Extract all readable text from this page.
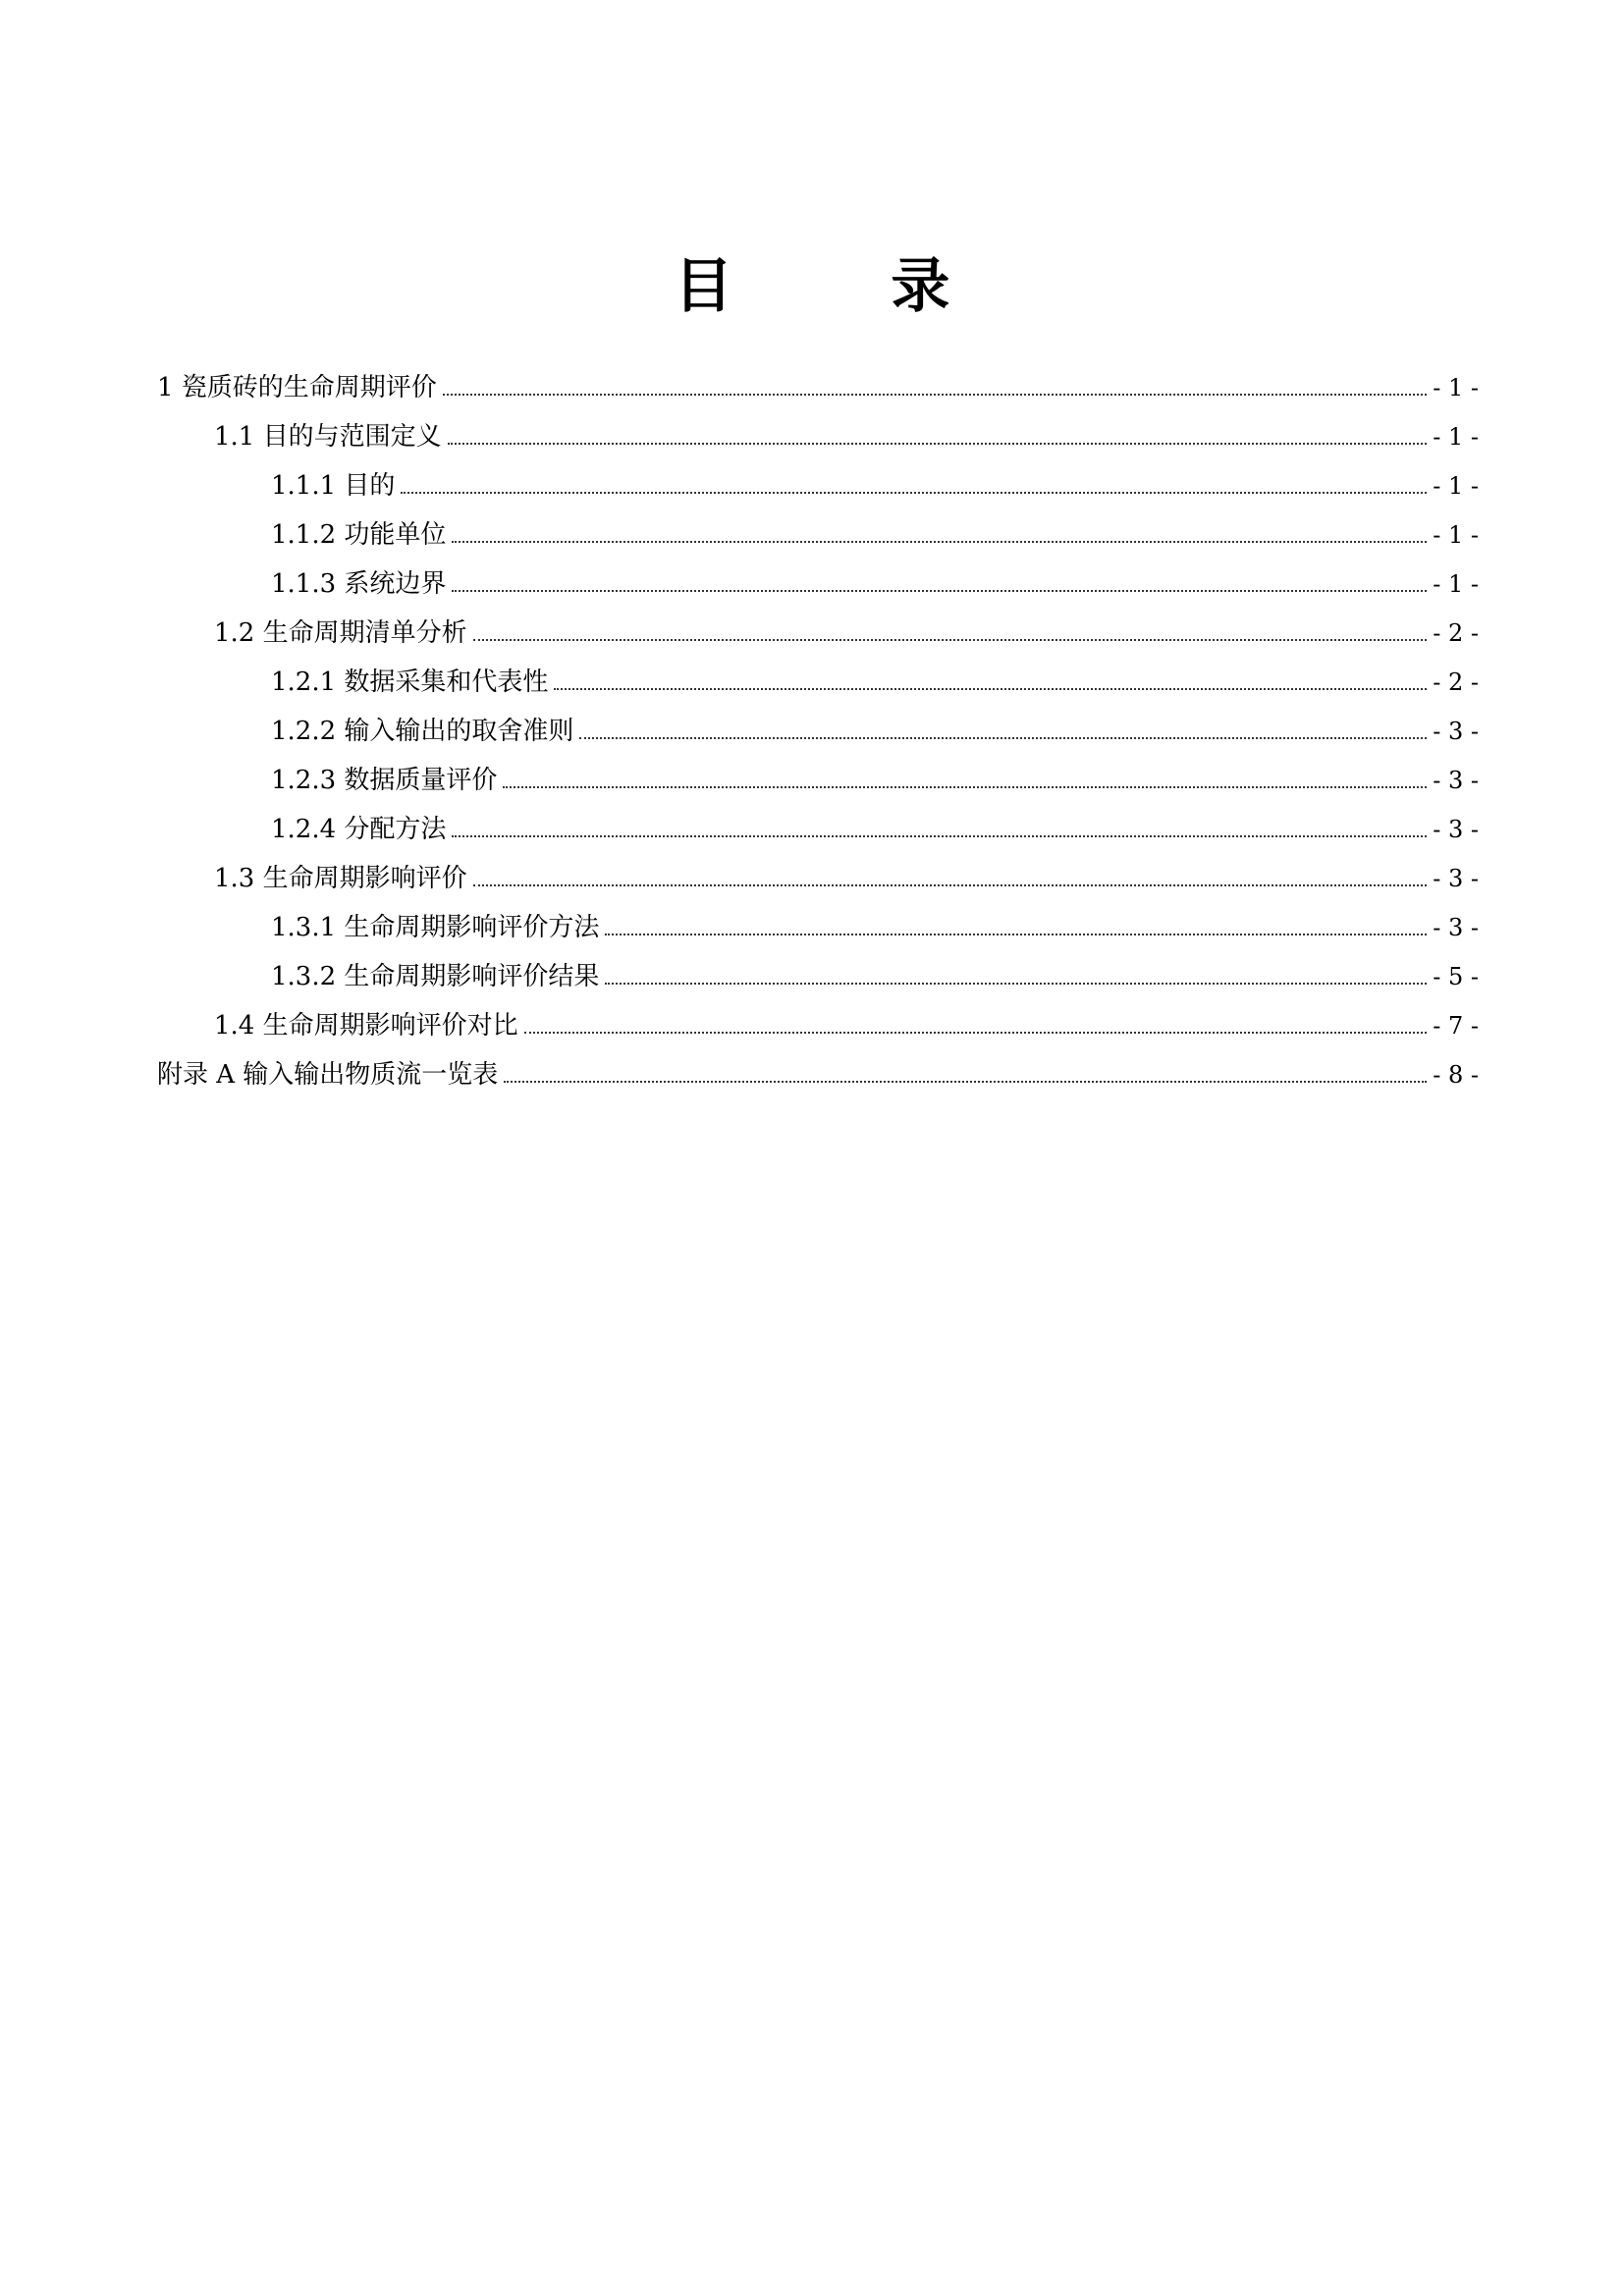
目 录
1 瓷质砖的生命周期评价	- 1 -
1.1 目的与范围定义	- 1 -
1.1.1 目的	- 1 -
1.1.2 功能单位	- 1 -
1.1.3 系统边界	- 1 -
1.2 生命周期清单分析	- 2 -
1.2.1 数据采集和代表性	- 2 -
1.2.2 输入输出的取舍准则	- 3 -
1.2.3 数据质量评价	- 3 -
1.2.4 分配方法	- 3 -
1.3 生命周期影响评价	- 3 -
1.3.1 生命周期影响评价方法	- 3 -
1.3.2 生命周期影响评价结果	- 5 -
1.4 生命周期影响评价对比	- 7 -
附录 A 输入输出物质流一览表	- 8 -
